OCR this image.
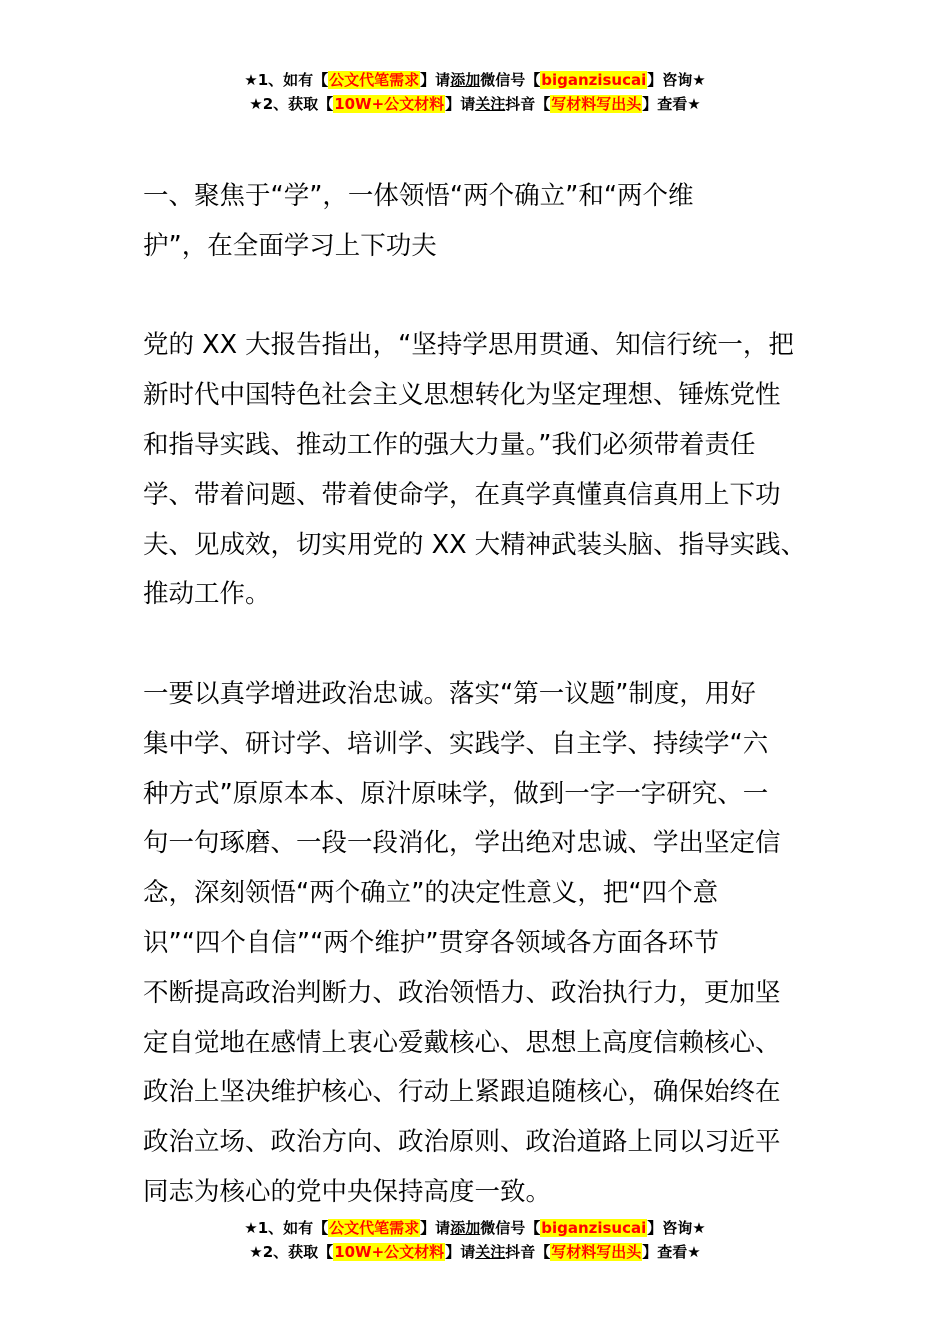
★1、如有【公文代笔需求】请添加微信号【biganzisucai】咨询★
★2、获取【10W+公文材料】请关注抖音【写材料写出头】查看★
一、聚焦于“学”，一体领悟“两个确立”和“两个维
护”，在全面学习上下功夫
党的 XX 大报告指出，“坚持学思用贯通、知信行统一，把
新时代中国特色社会主义思想转化为坚定理想、锤炼党性
和指导实践、推动工作的强大力量。”我们必须带着责任
学、带着问题、带着使命学，在真学真懂真信真用上下功
夫、见成效，切实用党的 XX 大精神武装头脑、指导实践、
推动工作。
一要以真学增进政治忠诚。落实“第一议题”制度，用好
集中学、研讨学、培训学、实践学、自主学、持续学“六
种方式”原原本本、原汁原味学，做到一字一字研究、一
句一句琢磨、一段一段消化，学出绝对忠诚、学出坚定信
念，深刻领悟“两个确立”的决定性意义，把“四个意
识”“四个自信”“两个维护”贯穿各领域各方面各环节
不断提高政治判断力、政治领悟力、政治执行力，更加坚
定自觉地在感情上衷心爱戴核心、思想上高度信赖核心、
政治上坚决维护核心、行动上紧跟追随核心，确保始终在
政治立场、政治方向、政治原则、政治道路上同以习近平
同志为核心的党中央保持高度一致。
★1、如有【公文代笔需求】请添加微信号【biganzisucai】咨询★
★2、获取【10W+公文材料】请关注抖音【写材料写出头】查看★
